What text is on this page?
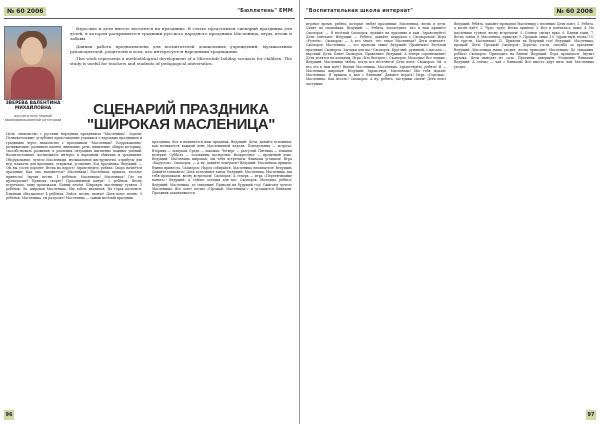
№ 60 2006	"Бюллетень" ЕММ
ЗВЕРЕВА ВАЛЕНТИНА МИХАЙЛОВНА
воспитатель первой квалификационной категории

Взрослые и дети вместе веселятся на празднике. В статье представлен сценарий праздника для детей, в котором раскрываются традиции русского народного праздника Масленица, игры, песни и забавы.

Данная работа предназначена для воспитателей дошкольных учреждений, музыкальных руководителей, родителей и всех, кто интересуется народными традициями.

This work represents a methodological development of a Shrovetide holiday scenario for children. The study is useful for teachers and students of pedagogical universities.

СЦЕНАРИЙ ПРАЗДНИКА "ШИРОКАЯ МАСЛЕНИЦА"

Цель: знакомство с русским народным праздником "Масленица". Задачи: Познавательные: углублять представление учащихся о народных праздниках и традициях через знакомство с праздником "Масленица". Коррекционно-развивающие: развивать память, внимание, речь, мышление, общую моторику, способствовать развитию в реальных ситуациях жизненно важных умений. Воспитательные: воспитывать интерес к народным обычаям и традициям. Оборудование: чучело Масленицы, музыкальные инструменты, атрибуты для игр, плакаты для проекции, открытки, угощение. Ход праздника. Ведущий: — Ой, вы, гости дорогие! Весна на пороге! Здравствуйте, ребята! Скоро начнётся праздник! Как она называется? Масленица! Масленица пришла, веселье принесла! Звучит песня. 1 ребёнок: Масленица! Масленица! Где ты пропадаешь? Приходи скорее! Праздничный канун! 2 ребёнок: Весну встречаем, зиму провожаем. Блины печём. Широкую масленицу гуляем. 3 ребёнок: Эх, широкая Масленица, Мы тобою хвалимся, На горах катаемся, Блинами объедаемся! 4 ребёнок: Лейся, песня, звонче! Дети поют песню. 5 ребёнок: Масленица, ты раздолье! Масленица — самый весёлый праздник.

праздника. Вот и начинается наш праздник. Ведущий: Дети, давайте вспомним, как называется каждый день Масленичной недели. Понедельник — встреча. Вторник — заигрыш. Среда — лакомка. Четверг — разгуляй. Пятница — тёщины вечёрки. Суббота — золовкины посиделки. Воскресенье — прощёный день. Ведущий: Масленица широкая, мы тебя встречаем, блинами угощаем! Игра «Карусель». Скоморох: — А ну, давайте поиграем! Ведущий: Масленица пришла, блины принесла. Скоморох: Народ собирайся, Масленица начинается! Ведущий: Давайте танцевать! Дети исполняют танец. Ведущий: Масленица, Масленица, мы тебя провожаем, весну встречаем! Скоморох: А теперь — игра «Перетягивание каната»! Ведущий: А сейчас загадки для вас. Скоморох: Молодцы, ребята! Ведущий: Масленица, до свидания! Приходи на будущий год! Сжигают чучело Масленицы. Все поют песню «Прощай, Масленица!» и угощаются блинами. Праздник заканчивается.

96
"Воспитательная школа интернат"	№ 60 2006

игровое время, ребята, которые любят праздники: Масленица, весна и дети. Сидят на скамейках. Ведущий: — Ребята, посмотрите, кто к нам пришёл! Скоморох: — Я весёлый Скоморох, пришёл на праздник к вам. Здравствуйте! Дети отвечают. Ведущий: — Ребята, давайте поиграем с Скоморохом! Игра «Ручеёк». Скоморох: — А кто знает, что такое Масленица? Дети отвечают. Скоморох: Масленица — это проводы зимы! Ведущий: Правильно! Весёлый праздник! Скоморох: Загадки для вас! Скоморох: Круглый, румяный, с маслом — вкусный. Дети: Блин! Скоморох: Правильно! Ведущий: А теперь соревнование! Дети делятся на команды. Игра «Кто быстрее». Скоморох: Молодцы! Все ловкие. Ведущий: Масленица любит, когда все веселятся! Дети поют. Скоморох: Ой, а кто это к нам идёт? Входит Масленица. Масленица: Здравствуйте, ребята! Я — Масленица широкая! Ведущий: Здравствуй, Масленица! Мы тебя ждали! Масленица: Я пришла к вам с блинами! Давайте играть! Игра «Горелки». Масленица: Как весело! Скоморох: А ну, ребята, частушки споём! Дети поют частушки.

Ведущий: Ребята, давайте проводим Масленицу с песнями! Дети поют. 1. Ребята, а весна идёт! 2. Чудо, чудо! Весна пришла! 3. Вот и кончилась зима! 4. На масленице гуляем, весну встречаем! 5. Солнце светит ярко. 6. Блины едим. 7. Весну зовём. 8. Масленица, приходи! 9. Прощай, зима! 10. Здравствуй, весна! 11. Не грусти, Масленица! 12. Приходи на будущий год! Ведущий: Масленица, прощай! Дети: Прощай! Скоморох: Дорогие гости, спасибо за праздник! Ведущий: Масленица наша уходит, весна приходит! Масленица: До свидания, ребята! Скоморох: Приходите на блины! Ведущий: Пора прощаться. Звучит музыка. Дети выходят из зала. Праздник завершён. Угощение блинами. Ведущий: А сейчас — чай с блинами! Все вместе идут пить чай. Масленица уходит.

97
